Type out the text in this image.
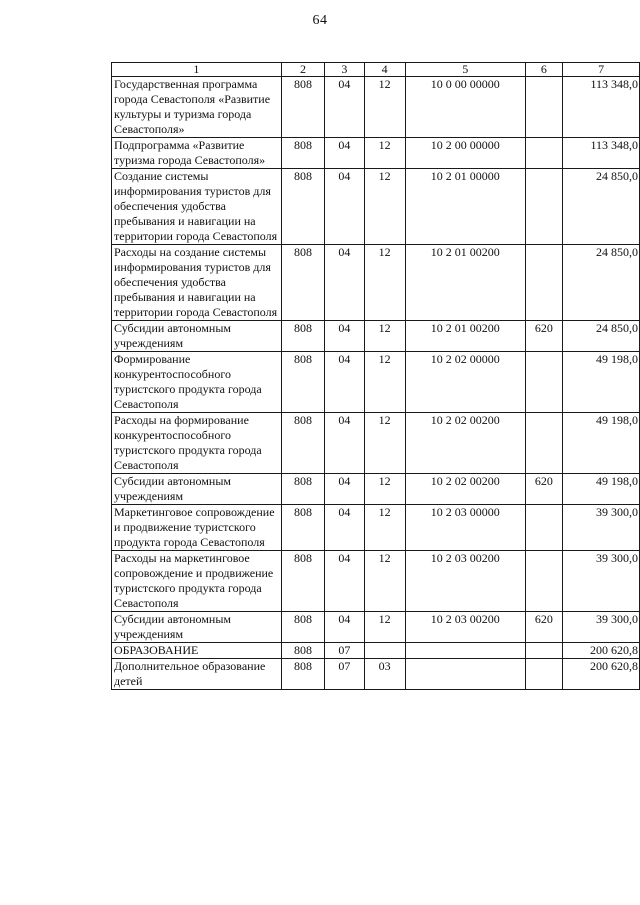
64
1	2	3	4	5	6	7
Государственная программа города Севастополя «Развитие культуры и туризма города Севастополя»	808	04	12	10 0 00 00000		113 348,0
Подпрограмма «Развитие туризма города Севастополя»	808	04	12	10 2 00 00000		113 348,0
Создание системы информирования туристов для обеспечения удобства пребывания и навигации на территории города Севастополя	808	04	12	10 2 01 00000		24 850,0
Расходы на создание системы информирования туристов для обеспечения удобства пребывания и навигации на территории города Севастополя	808	04	12	10 2 01 00200		24 850,0
Субсидии автономным учреждениям	808	04	12	10 2 01 00200	620	24 850,0
Формирование конкурентоспособного туристского продукта города Севастополя	808	04	12	10 2 02 00000		49 198,0
Расходы на формирование конкурентоспособного туристского продукта города Севастополя	808	04	12	10 2 02 00200		49 198,0
Субсидии автономным учреждениям	808	04	12	10 2 02 00200	620	49 198,0
Маркетинговое сопровождение и продвижение туристского продукта города Севастополя	808	04	12	10 2 03 00000		39 300,0
Расходы на маркетинговое сопровождение и продвижение туристского продукта города Севастополя	808	04	12	10 2 03 00200		39 300,0
Субсидии автономным учреждениям	808	04	12	10 2 03 00200	620	39 300,0
ОБРАЗОВАНИЕ	808	07				200 620,8
Дополнительное образование детей	808	07	03			200 620,8
